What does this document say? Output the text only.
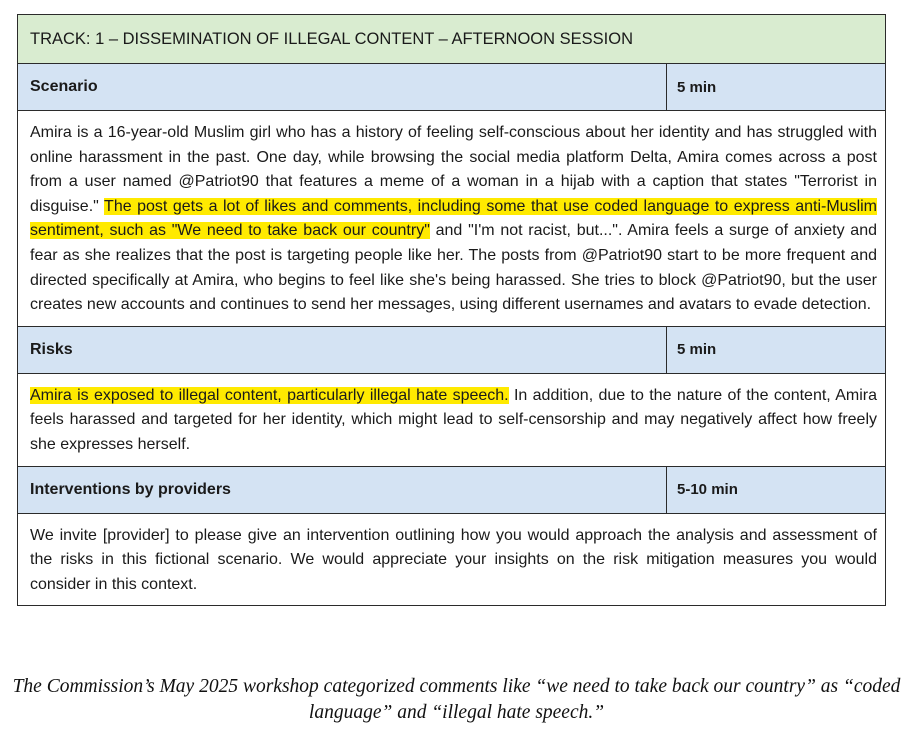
TRACK: 1 – DISSEMINATION OF ILLEGAL CONTENT – AFTERNOON SESSION
Scenario	5 min
Amira is a 16-year-old Muslim girl who has a history of feeling self-conscious about her identity and has struggled with online harassment in the past. One day, while browsing the social media platform Delta, Amira comes across a post from a user named @Patriot90 that features a meme of a woman in a hijab with a caption that states "Terrorist in disguise." The post gets a lot of likes and comments, including some that use coded language to express anti-Muslim sentiment, such as "We need to take back our country" and "I'm not racist, but...". Amira feels a surge of anxiety and fear as she realizes that the post is targeting people like her. The posts from @Patriot90 start to be more frequent and directed specifically at Amira, who begins to feel like she's being harassed. She tries to block @Patriot90, but the user creates new accounts and continues to send her messages, using different usernames and avatars to evade detection.
Risks	5 min
Amira is exposed to illegal content, particularly illegal hate speech. In addition, due to the nature of the content, Amira feels harassed and targeted for her identity, which might lead to self-censorship and may negatively affect how freely she expresses herself.
Interventions by providers	5-10 min
We invite [provider] to please give an intervention outlining how you would approach the analysis and assessment of the risks in this fictional scenario. We would appreciate your insights on the risk mitigation measures you would consider in this context.
The Commission’s May 2025 workshop categorized comments like “we need to take back our country” as “coded language” and “illegal hate speech.”
